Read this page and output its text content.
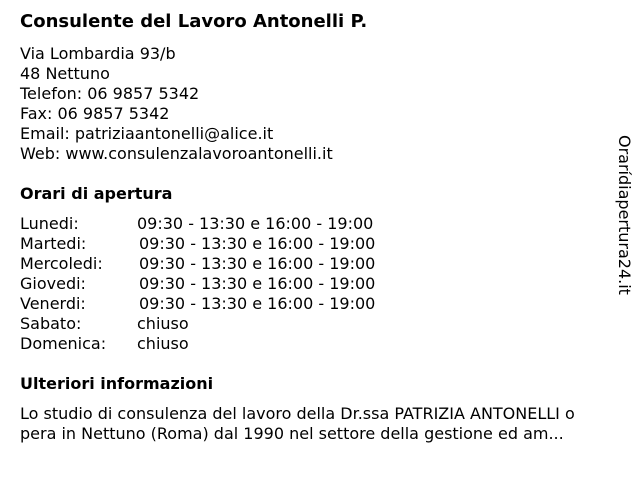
Consulente del Lavoro Antonelli P.
Via Lombardia 93/b
48 Nettuno
Telefon: 06 9857 5342
Fax: 06 9857 5342
Email: patriziaantonelli@alice.it
Web: www.consulenzalavoroantonelli.it
Orari di apertura
Lunedi:	09:30 - 13:30 e 16:00 - 19:00
Martedi:	09:30 - 13:30 e 16:00 - 19:00
Mercoledi:	09:30 - 13:30 e 16:00 - 19:00
Giovedi:	09:30 - 13:30 e 16:00 - 19:00
Venerdi:	09:30 - 13:30 e 16:00 - 19:00
Sabato:	chiuso
Domenica:	chiuso
Ulteriori informazioni
Lo studio di consulenza del lavoro della Dr.ssa PATRIZIA ANTONELLI o
pera in Nettuno (Roma) dal 1990 nel settore della gestione ed am...
Orarídiapertura24.it
